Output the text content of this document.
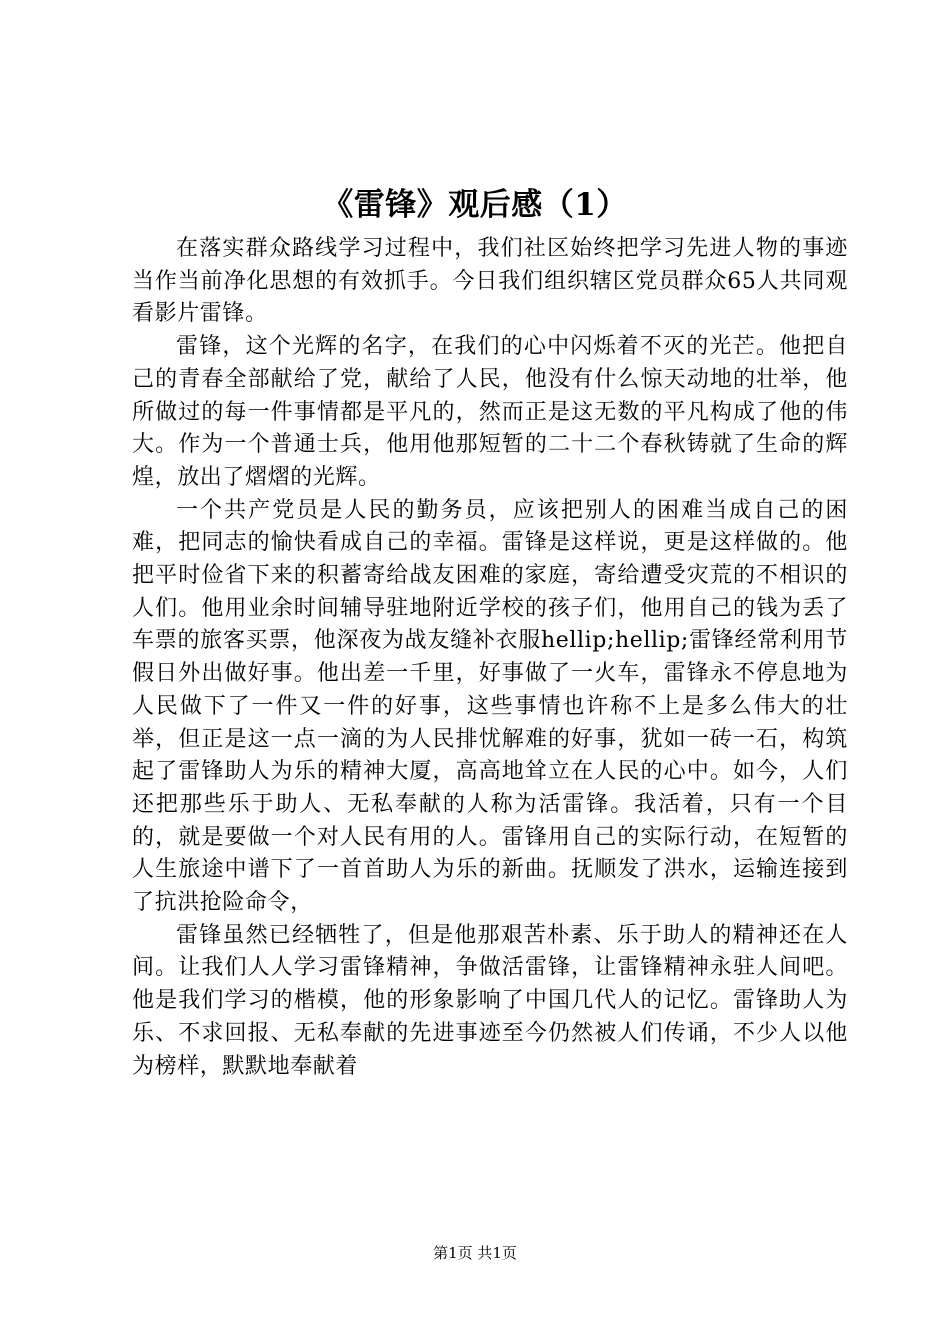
《雷锋》观后感（1）

在落实群众路线学习过程中，我们社区始终把学习先进人物的事迹当作当前净化思想的有效抓手。今日我们组织辖区党员群众65人共同观看影片雷锋。

雷锋，这个光辉的名字，在我们的心中闪烁着不灭的光芒。他把自己的青春全部献给了党，献给了人民，他没有什么惊天动地的壮举，他所做过的每一件事情都是平凡的，然而正是这无数的平凡构成了他的伟大。作为一个普通士兵，他用他那短暂的二十二个春秋铸就了生命的辉煌，放出了熠熠的光辉。

一个共产党员是人民的勤务员，应该把别人的困难当成自己的困难，把同志的愉快看成自己的幸福。雷锋是这样说，更是这样做的。他把平时俭省下来的积蓄寄给战友困难的家庭，寄给遭受灾荒的不相识的人们。他用业余时间辅导驻地附近学校的孩子们，他用自己的钱为丢了车票的旅客买票，他深夜为战友缝补衣服hellip;hellip;雷锋经常利用节假日外出做好事。他出差一千里，好事做了一火车，雷锋永不停息地为人民做下了一件又一件的好事，这些事情也许称不上是多么伟大的壮举，但正是这一点一滴的为人民排忧解难的好事，犹如一砖一石，构筑起了雷锋助人为乐的精神大厦，高高地耸立在人民的心中。如今，人们还把那些乐于助人、无私奉献的人称为活雷锋。我活着，只有一个目的，就是要做一个对人民有用的人。雷锋用自己的实际行动，在短暂的人生旅途中谱下了一首首助人为乐的新曲。抚顺发了洪水，运输连接到了抗洪抢险命令，

雷锋虽然已经牺牲了，但是他那艰苦朴素、乐于助人的精神还在人间。让我们人人学习雷锋精神，争做活雷锋，让雷锋精神永驻人间吧。他是我们学习的楷模，他的形象影响了中国几代人的记忆。雷锋助人为乐、不求回报、无私奉献的先进事迹至今仍然被人们传诵，不少人以他为榜样，默默地奉献着

第1页 共1页
